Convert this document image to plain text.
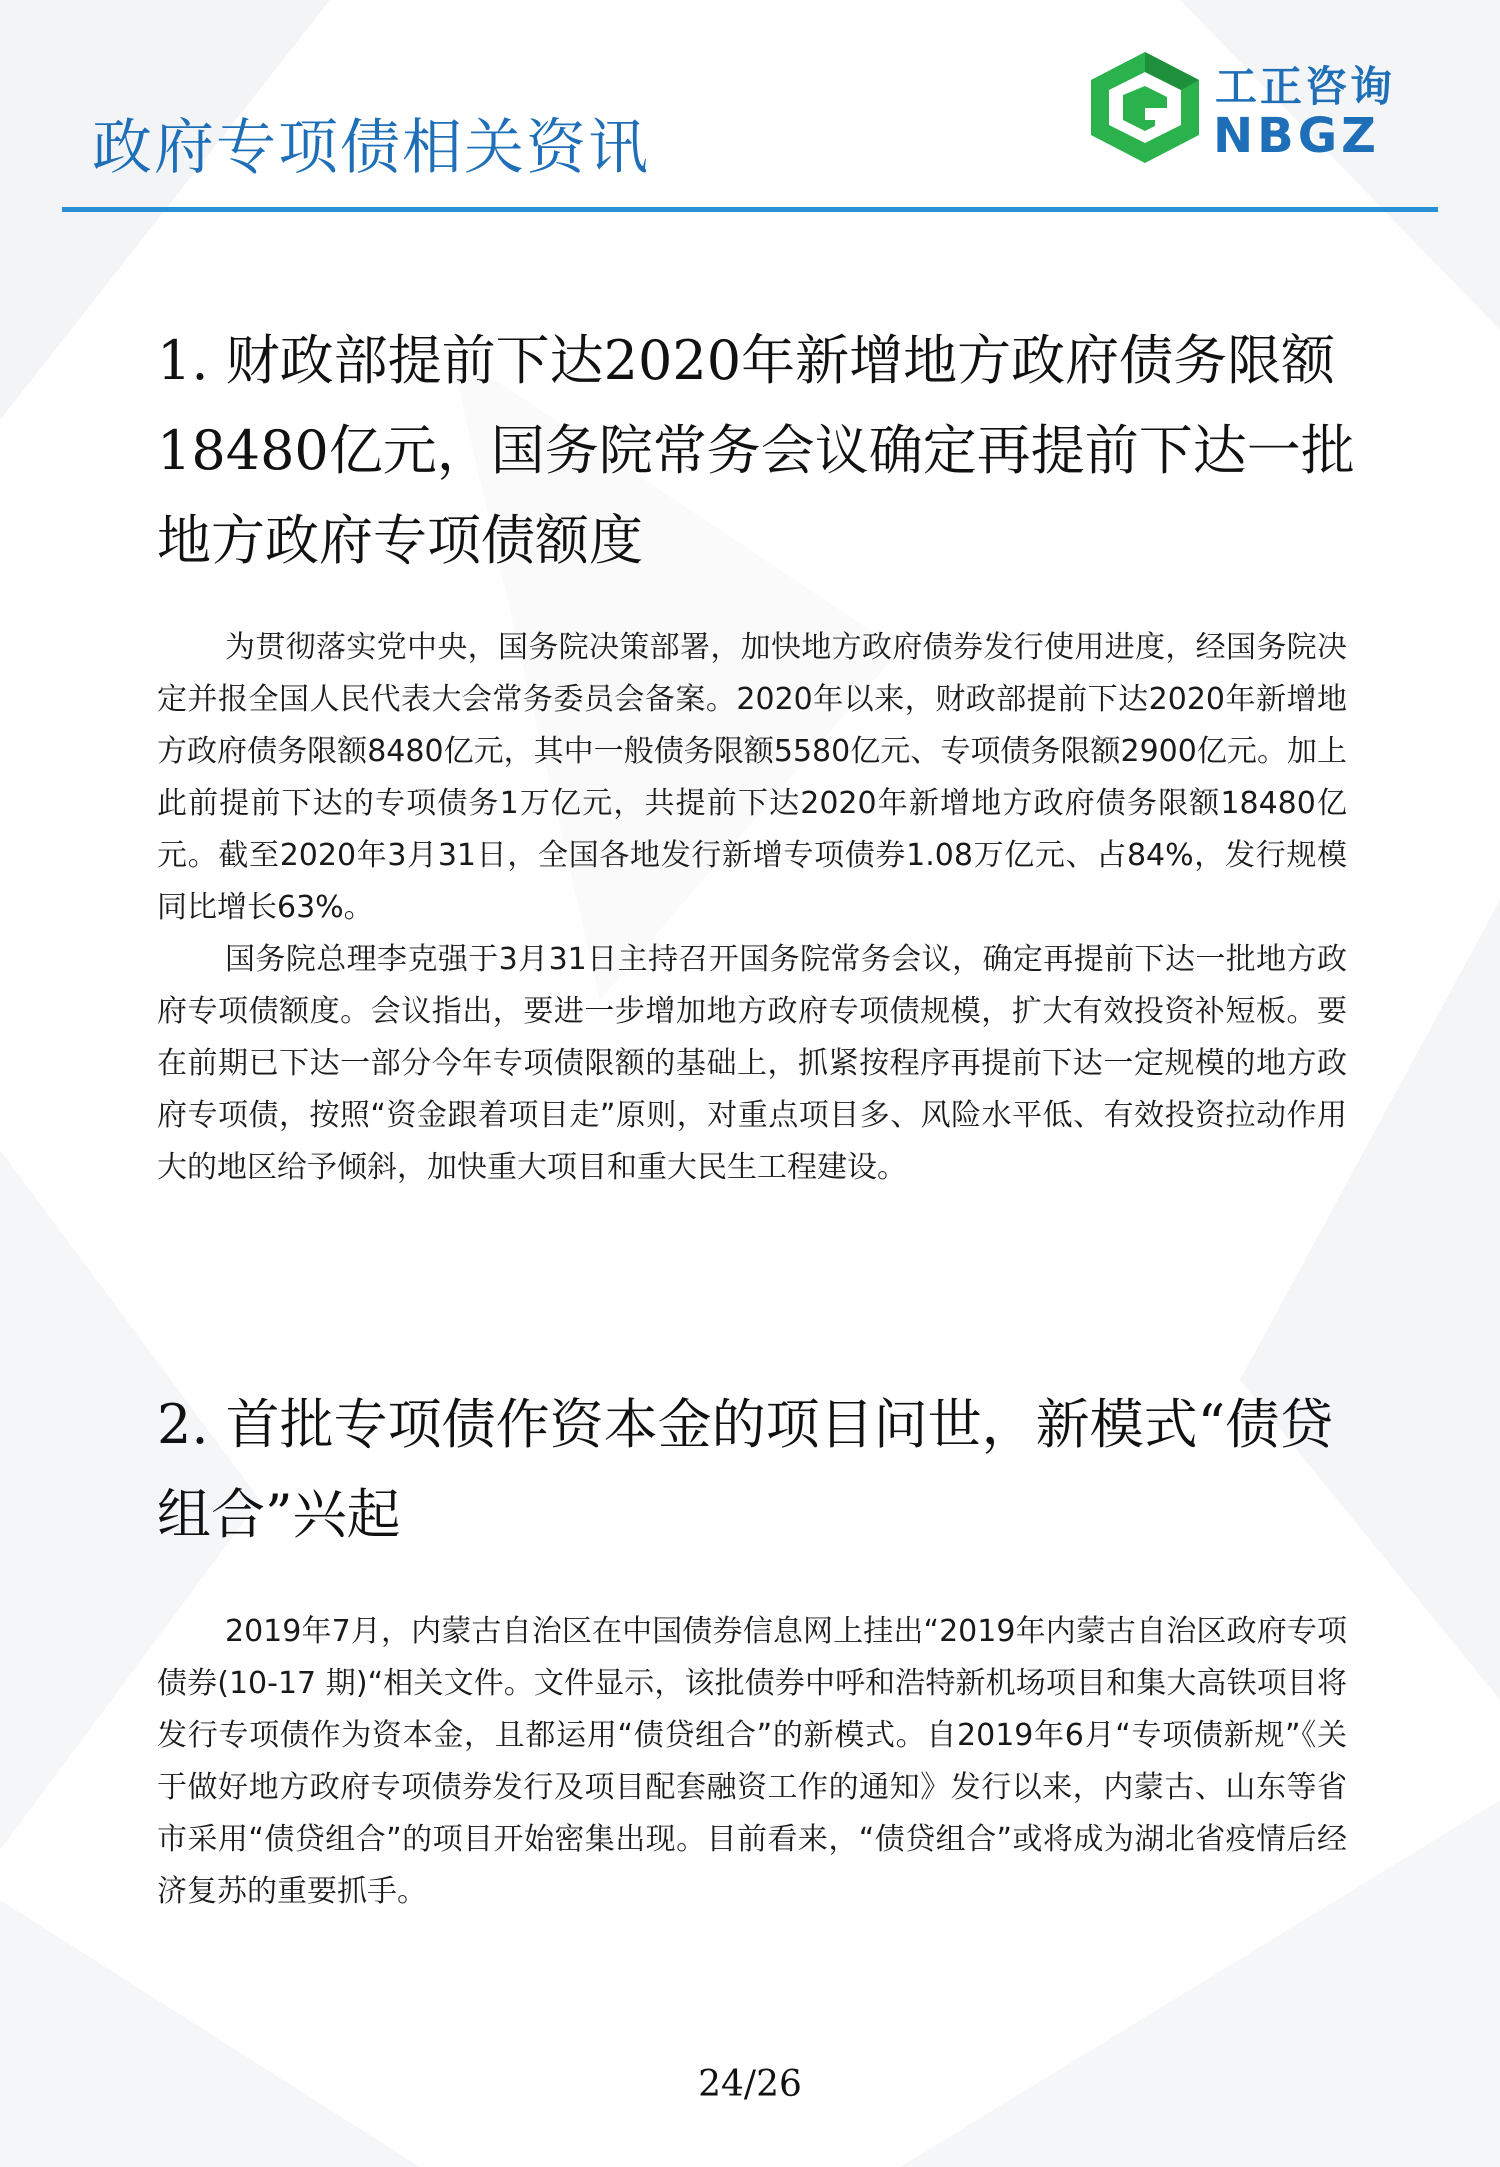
政府专项债相关资讯
工正咨询
NBGZ
1. 财政部提前下达2020年新增地方政府债务限额18480亿元，国务院常务会议确定再提前下达一批地方政府专项债额度

为贯彻落实党中央，国务院决策部署，加快地方政府债券发行使用进度，经国务院决定并报全国人民代表大会常务委员会备案。2020年以来，财政部提前下达2020年新增地方政府债务限额8480亿元，其中一般债务限额5580亿元、专项债务限额2900亿元。加上此前提前下达的专项债务1万亿元，共提前下达2020年新增地方政府债务限额18480亿元。截至2020年3月31日，全国各地发行新增专项债券1.08万亿元、占84%，发行规模同比增长63%。

国务院总理李克强于3月31日主持召开国务院常务会议，确定再提前下达一批地方政府专项债额度。会议指出，要进一步增加地方政府专项债规模，扩大有效投资补短板。要在前期已下达一部分今年专项债限额的基础上，抓紧按程序再提前下达一定规模的地方政府专项债，按照“资金跟着项目走”原则，对重点项目多、风险水平低、有效投资拉动作用大的地区给予倾斜，加快重大项目和重大民生工程建设。

2. 首批专项债作资本金的项目问世，新模式“债贷组合”兴起

2019年7月，内蒙古自治区在中国债券信息网上挂出“2019年内蒙古自治区政府专项债券(10-17 期)“相关文件。文件显示，该批债券中呼和浩特新机场项目和集大高铁项目将发行专项债作为资本金，且都运用“债贷组合”的新模式。自2019年6月“专项债新规”《关于做好地方政府专项债券发行及项目配套融资工作的通知》发行以来，内蒙古、山东等省市采用“债贷组合”的项目开始密集出现。目前看来，“债贷组合”或将成为湖北省疫情后经济复苏的重要抓手。

24/26
